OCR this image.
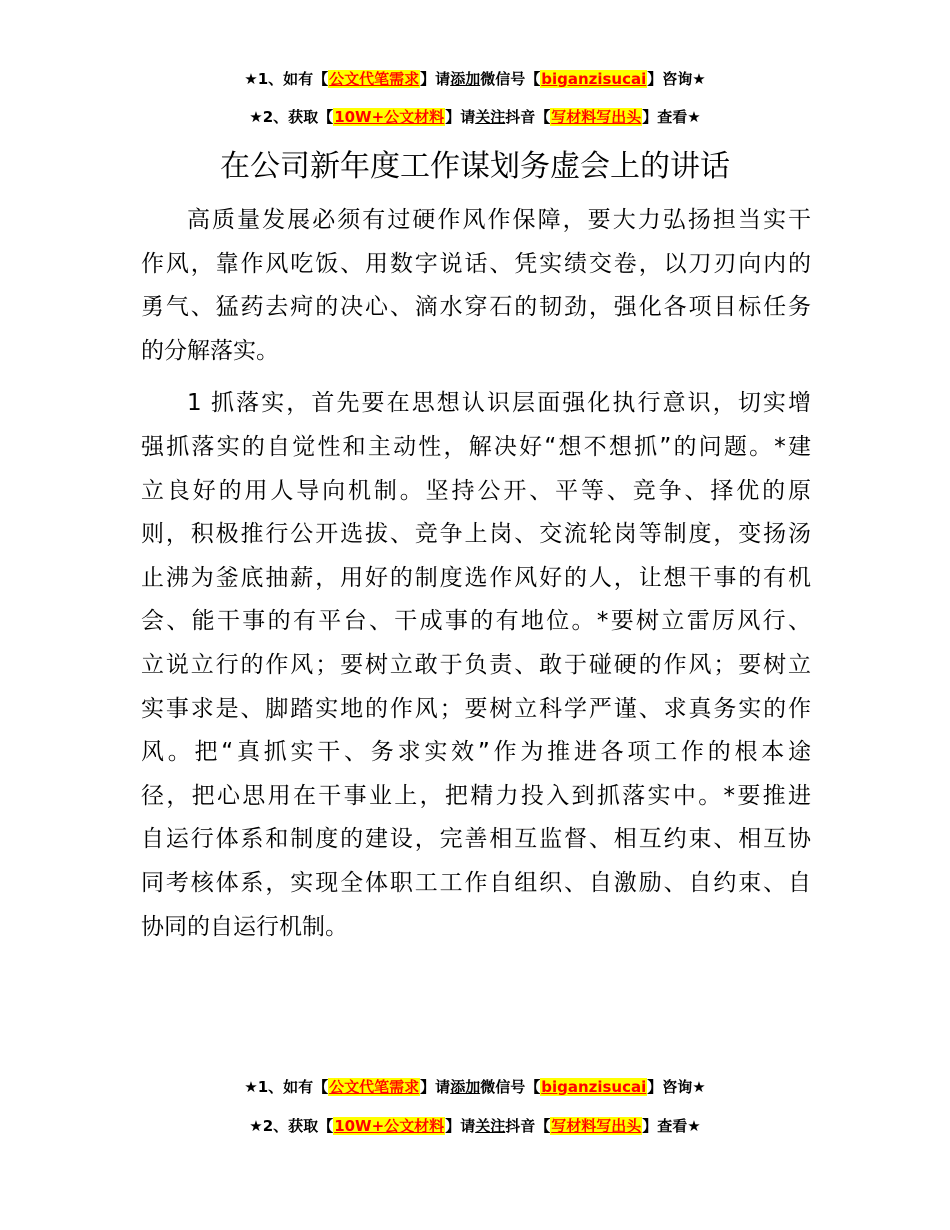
★1、如有【公文代笔需求】请添加微信号【biganzisucai】咨询★
★2、获取【10W+公文材料】请关注抖音【写材料写出头】查看★
在公司新年度工作谋划务虚会上的讲话

高质量发展必须有过硬作风作保障，要大力弘扬担当实干
作风，靠作风吃饭、用数字说话、凭实绩交卷，以刀刃向内的
勇气、猛药去疴的决心、滴水穿石的韧劲，强化各项目标任务
的分解落实。

1 抓落实，首先要在思想认识层面强化执行意识，切实增
强抓落实的自觉性和主动性，解决好“想不想抓”的问题。*建
立良好的用人导向机制。坚持公开、平等、竞争、择优的原
则，积极推行公开选拔、竞争上岗、交流轮岗等制度，变扬汤
止沸为釜底抽薪，用好的制度选作风好的人，让想干事的有机
会、能干事的有平台、干成事的有地位。*要树立雷厉风行、
立说立行的作风；要树立敢于负责、敢于碰硬的作风；要树立
实事求是、脚踏实地的作风；要树立科学严谨、求真务实的作
风。把“真抓实干、务求实效”作为推进各项工作的根本途
径，把心思用在干事业上，把精力投入到抓落实中。*要推进
自运行体系和制度的建设，完善相互监督、相互约束、相互协
同考核体系，实现全体职工工作自组织、自激励、自约束、自
协同的自运行机制。

★1、如有【公文代笔需求】请添加微信号【biganzisucai】咨询★
★2、获取【10W+公文材料】请关注抖音【写材料写出头】查看★
